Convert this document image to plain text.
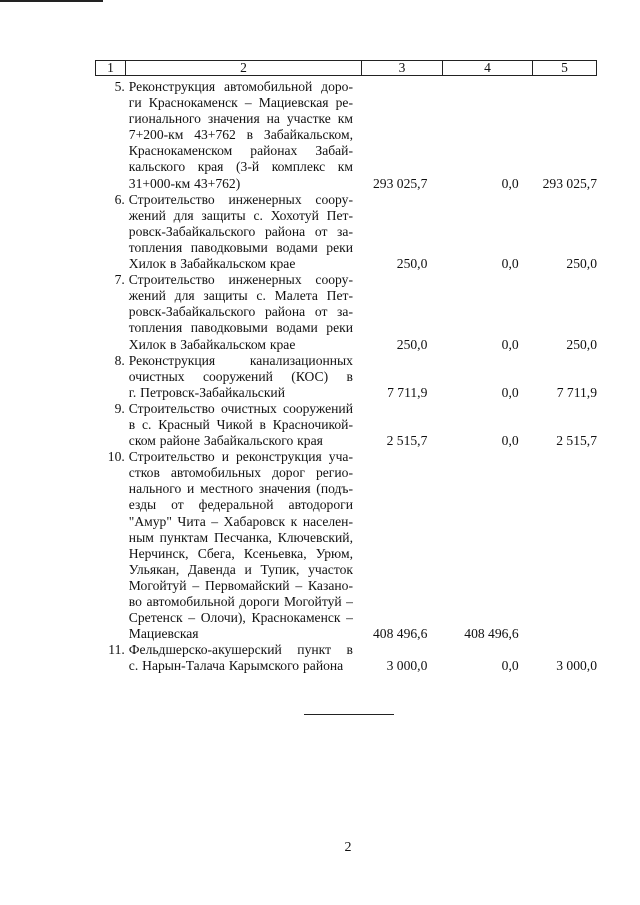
1	2	3	4	5
5. Реконструкция автомобильной доро-
ги Краснокаменск – Мациевская ре-
гионального значения на участке км
7+200-км 43+762 в Забайкальском,
Краснокаменском районах Забай-
кальского края (3-й комплекс км
31+000-км 43+762)	293 025,7	0,0	293 025,7
6. Строительство инженерных соору-
жений для защиты с. Хохотуй Пет-
ровск-Забайкальского района от за-
топления паводковыми водами реки
Хилок в Забайкальском крае	250,0	0,0	250,0
7. Строительство инженерных соору-
жений для защиты с. Малета Пет-
ровск-Забайкальского района от за-
топления паводковыми водами реки
Хилок в Забайкальском крае	250,0	0,0	250,0
8. Реконструкция канализационных
очистных сооружений (КОС) в
г. Петровск-Забайкальский	7 711,9	0,0	7 711,9
9. Строительство очистных сооружений
в с. Красный Чикой в Красночикой-
ском районе Забайкальского края	2 515,7	0,0	2 515,7
10. Строительство и реконструкция уча-
стков автомобильных дорог регио-
нального и местного значения (подъ-
езды от федеральной автодороги
"Амур" Чита – Хабаровск к населен-
ным пунктам Песчанка, Ключевский,
Нерчинск, Сбега, Ксеньевка, Урюм,
Ульякан, Давенда и Тупик, участок
Могойтуй – Первомайский – Казано-
во автомобильной дороги Могойтуй –
Сретенск – Олочи), Краснокаменск –
Мациевская	408 496,6	408 496,6
11. Фельдшерско-акушерский пункт в
с. Нарын-Талача Карымского района	3 000,0	0,0	3 000,0
2
